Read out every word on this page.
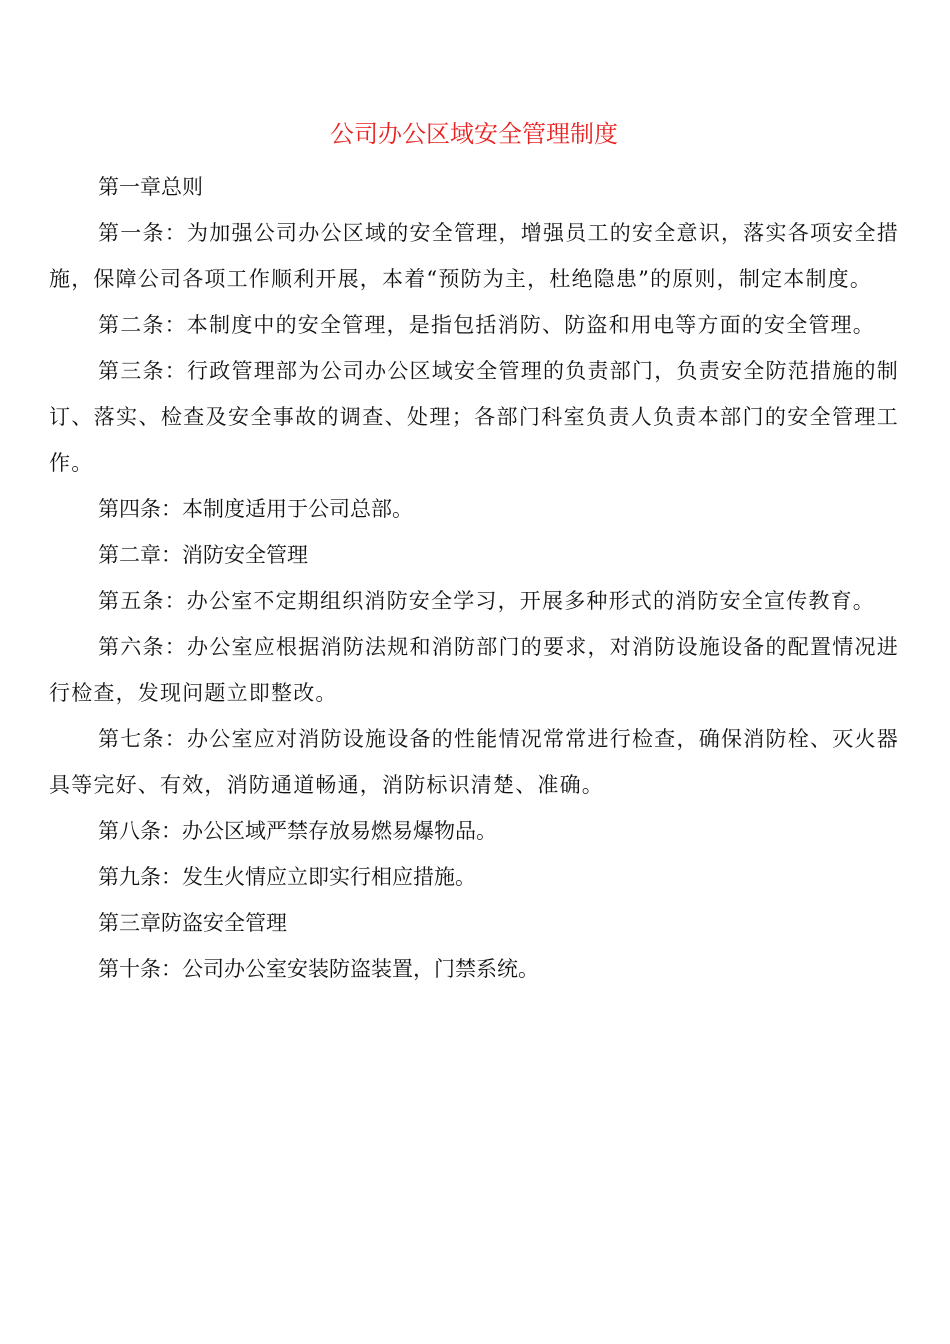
公司办公区域安全管理制度

第一章总则

第一条：为加强公司办公区域的安全管理，增强员工的安全意识，落实各项安全措施，保障公司各项工作顺利开展，本着“预防为主，杜绝隐患”的原则，制定本制度。

第二条：本制度中的安全管理，是指包括消防、防盗和用电等方面的安全管理。

第三条：行政管理部为公司办公区域安全管理的负责部门，负责安全防范措施的制订、落实、检查及安全事故的调查、处理；各部门科室负责人负责本部门的安全管理工作。

第四条：本制度适用于公司总部。

第二章：消防安全管理

第五条：办公室不定期组织消防安全学习，开展多种形式的消防安全宣传教育。

第六条：办公室应根据消防法规和消防部门的要求，对消防设施设备的配置情况进行检查，发现问题立即整改。

第七条：办公室应对消防设施设备的性能情况常常进行检查，确保消防栓、灭火器具等完好、有效，消防通道畅通，消防标识清楚、准确。

第八条：办公区域严禁存放易燃易爆物品。

第九条：发生火情应立即实行相应措施。

第三章防盗安全管理

第十条：公司办公室安装防盗装置，门禁系统。
